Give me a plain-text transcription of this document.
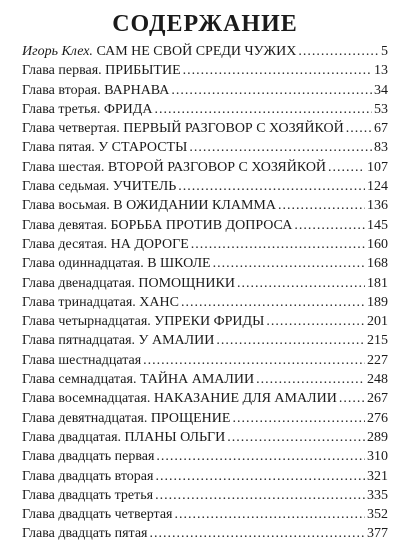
СОДЕРЖАНИЕ
Игорь Клех. САМ НЕ СВОЙ СРЕДИ ЧУЖИХ .....	5
Глава первая. ПРИБЫТИЕ .....	13
Глава вторая. ВАРНАВА .....	34
Глава третья. ФРИДА .....	53
Глава четвертая. ПЕРВЫЙ РАЗГОВОР С ХОЗЯЙКОЙ ..... 67
Глава пятая. У СТАРОСТЫ .....	83
Глава шестая. ВТОРОЙ РАЗГОВОР С ХОЗЯЙКОЙ .....	107
Глава седьмая. УЧИТЕЛЬ .....	124
Глава восьмая. В ОЖИДАНИИ КЛАММА .....	136
Глава девятая. БОРЬБА ПРОТИВ ДОПРОСА .....	145
Глава десятая. НА ДОРОГЕ .....	160
Глава одиннадцатая. В ШКОЛЕ .....	168
Глава двенадцатая. ПОМОЩНИКИ .....	181
Глава тринадцатая. ХАНС .....	189
Глава четырнадцатая. УПРЕКИ ФРИДЫ .....	201
Глава пятнадцатая. У АМАЛИИ .....	215
Глава шестнадцатая .....	227
Глава семнадцатая. ТАЙНА АМАЛИИ .....	248
Глава восемнадцатая. НАКАЗАНИЕ ДЛЯ АМАЛИИ ..... 267
Глава девятнадцатая. ПРОЩЕНИЕ .....	276
Глава двадцатая. ПЛАНЫ ОЛЬГИ .....	289
Глава двадцать первая .....	310
Глава двадцать вторая .....	321
Глава двадцать третья .....	335
Глава двадцать четвертая .....	352
Глава двадцать пятая .....	377
